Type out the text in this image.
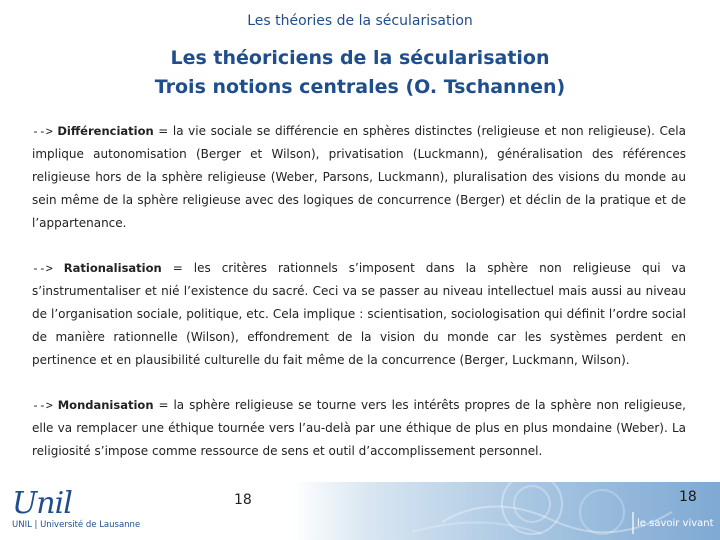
Les théories de la sécularisation
Les théoriciens de la sécularisation
Trois notions centrales (O. Tschannen)

--> Différenciation = la vie sociale se différencie en sphères distinctes (religieuse et non religieuse). Cela implique autonomisation (Berger et Wilson), privatisation (Luckmann), généralisation des références religieuse hors de la sphère religieuse (Weber, Parsons, Luckmann), pluralisation des visions du monde au sein même de la sphère religieuse avec des logiques de concurrence (Berger) et déclin de la pratique et de l’appartenance.

--> Rationalisation = les critères rationnels s’imposent dans la sphère non religieuse qui va s’instrumentaliser et nié l’existence du sacré. Ceci va se passer au niveau intellectuel mais aussi au niveau de l’organisation sociale, politique, etc. Cela implique : scientisation, sociologisation qui définit l’ordre social de manière rationnelle (Wilson), effondrement de la vision du monde car les systèmes perdent en pertinence et en plausibilité culturelle du fait même de la concurrence (Berger, Luckmann, Wilson).

--> Mondanisation = la sphère religieuse se tourne vers les intérêts propres de la sphère non religieuse, elle va remplacer une éthique tournée vers l’au-delà par une éthique de plus en plus mondaine (Weber). La religiosité s’impose comme ressource de sens et outil d’accomplissement personnel.

Unil
UNIL | Université de Lausanne
18	18
le savoir vivant
